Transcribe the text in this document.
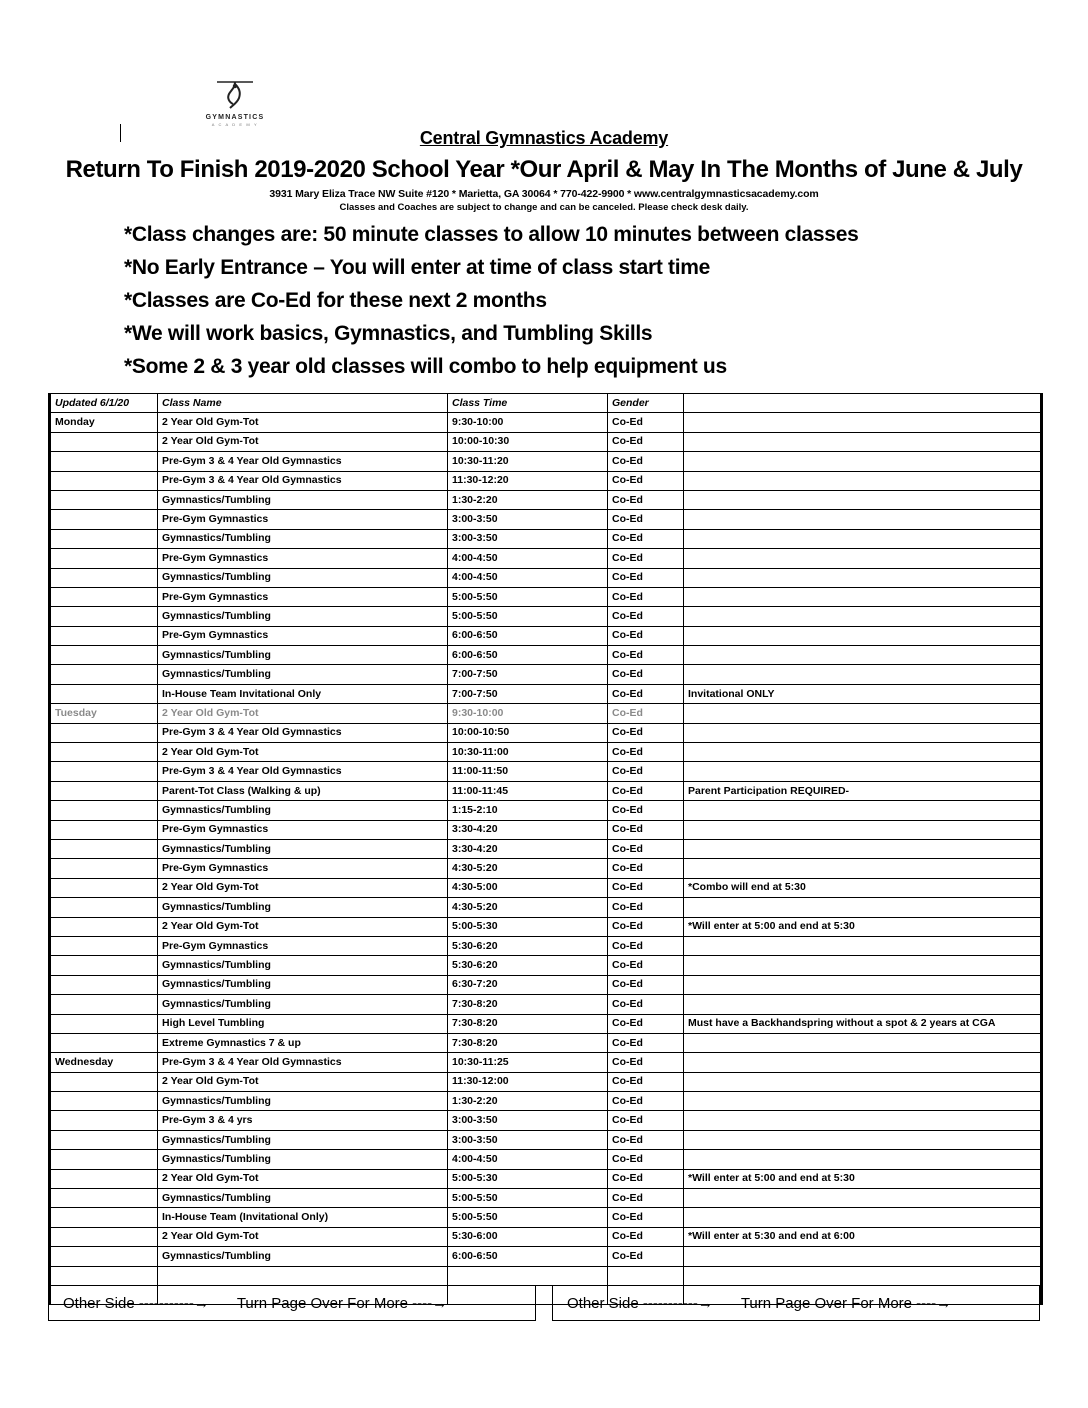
GYMNASTICS
A C A D E M Y
Central Gymnastics Academy
Return To Finish 2019-2020 School Year *Our April & May In The Months of June & July
3931 Mary Eliza Trace NW Suite #120 * Marietta, GA 30064 * 770-422-9900 * www.centralgymnasticsacademy.com
Classes and Coaches are subject to change and can be canceled. Please check desk daily.
*Class changes are: 50 minute classes to allow 10 minutes between classes
*No Early Entrance – You will enter at time of class start time
*Classes are Co-Ed for these next 2 months
*We will work basics, Gymnastics, and Tumbling Skills
*Some 2 & 3 year old classes will combo to help equipment us
Updated 6/1/20	Class Name	Class Time	Gender	
Monday	2 Year Old Gym-Tot	9:30-10:00	Co-Ed	
	2 Year Old Gym-Tot	10:00-10:30	Co-Ed	
	Pre-Gym 3 & 4 Year Old Gymnastics	10:30-11:20	Co-Ed	
	Pre-Gym 3 & 4 Year Old Gymnastics	11:30-12:20	Co-Ed	
	Gymnastics/Tumbling	1:30-2:20	Co-Ed	
	Pre-Gym Gymnastics	3:00-3:50	Co-Ed	
	Gymnastics/Tumbling	3:00-3:50	Co-Ed	
	Pre-Gym Gymnastics	4:00-4:50	Co-Ed	
	Gymnastics/Tumbling	4:00-4:50	Co-Ed	
	Pre-Gym Gymnastics	5:00-5:50	Co-Ed	
	Gymnastics/Tumbling	5:00-5:50	Co-Ed	
	Pre-Gym Gymnastics	6:00-6:50	Co-Ed	
	Gymnastics/Tumbling	6:00-6:50	Co-Ed	
	Gymnastics/Tumbling	7:00-7:50	Co-Ed	
	In-House Team Invitational Only	7:00-7:50	Co-Ed	Invitational ONLY
Tuesday	2 Year Old Gym-Tot	9:30-10:00	Co-Ed	
	Pre-Gym 3 & 4 Year Old Gymnastics	10:00-10:50	Co-Ed	
	2 Year Old Gym-Tot	10:30-11:00	Co-Ed	
	Pre-Gym 3 & 4 Year Old Gymnastics	11:00-11:50	Co-Ed	
	Parent-Tot Class (Walking & up)	11:00-11:45	Co-Ed	Parent Participation REQUIRED-
	Gymnastics/Tumbling	1:15-2:10	Co-Ed	
	Pre-Gym Gymnastics	3:30-4:20	Co-Ed	
	Gymnastics/Tumbling	3:30-4:20	Co-Ed	
	Pre-Gym Gymnastics	4:30-5:20	Co-Ed	
	2 Year Old Gym-Tot	4:30-5:00	Co-Ed	*Combo will end at 5:30
	Gymnastics/Tumbling	4:30-5:20	Co-Ed	
	2 Year Old Gym-Tot	5:00-5:30	Co-Ed	*Will enter at 5:00 and end at 5:30
	Pre-Gym Gymnastics	5:30-6:20	Co-Ed	
	Gymnastics/Tumbling	5:30-6:20	Co-Ed	
	Gymnastics/Tumbling	6:30-7:20	Co-Ed	
	Gymnastics/Tumbling	7:30-8:20	Co-Ed	
	High Level Tumbling	7:30-8:20	Co-Ed	Must have a Backhandspring without a spot & 2 years at CGA
	Extreme Gymnastics 7 & up	7:30-8:20	Co-Ed	
Wednesday	Pre-Gym 3 & 4 Year Old Gymnastics	10:30-11:25	Co-Ed	
	2 Year Old Gym-Tot	11:30-12:00	Co-Ed	
	Gymnastics/Tumbling	1:30-2:20	Co-Ed	
	Pre-Gym 3 & 4 yrs	3:00-3:50	Co-Ed	
	Gymnastics/Tumbling	3:00-3:50	Co-Ed	
	Gymnastics/Tumbling	4:00-4:50	Co-Ed	
	2 Year Old Gym-Tot	5:00-5:30	Co-Ed	*Will enter at 5:00 and end at 5:30
	Gymnastics/Tumbling	5:00-5:50	Co-Ed	
	In-House Team (Invitational Only)	5:00-5:50	Co-Ed	
	2 Year Old Gym-Tot	5:30-6:00	Co-Ed	*Will enter at 5:30 and end at 6:00
	Gymnastics/Tumbling	6:00-6:50	Co-Ed	

Other Side -----------→ Turn Page Over For More ----→	Other Side -----------→ Turn Page Over For More ----→
